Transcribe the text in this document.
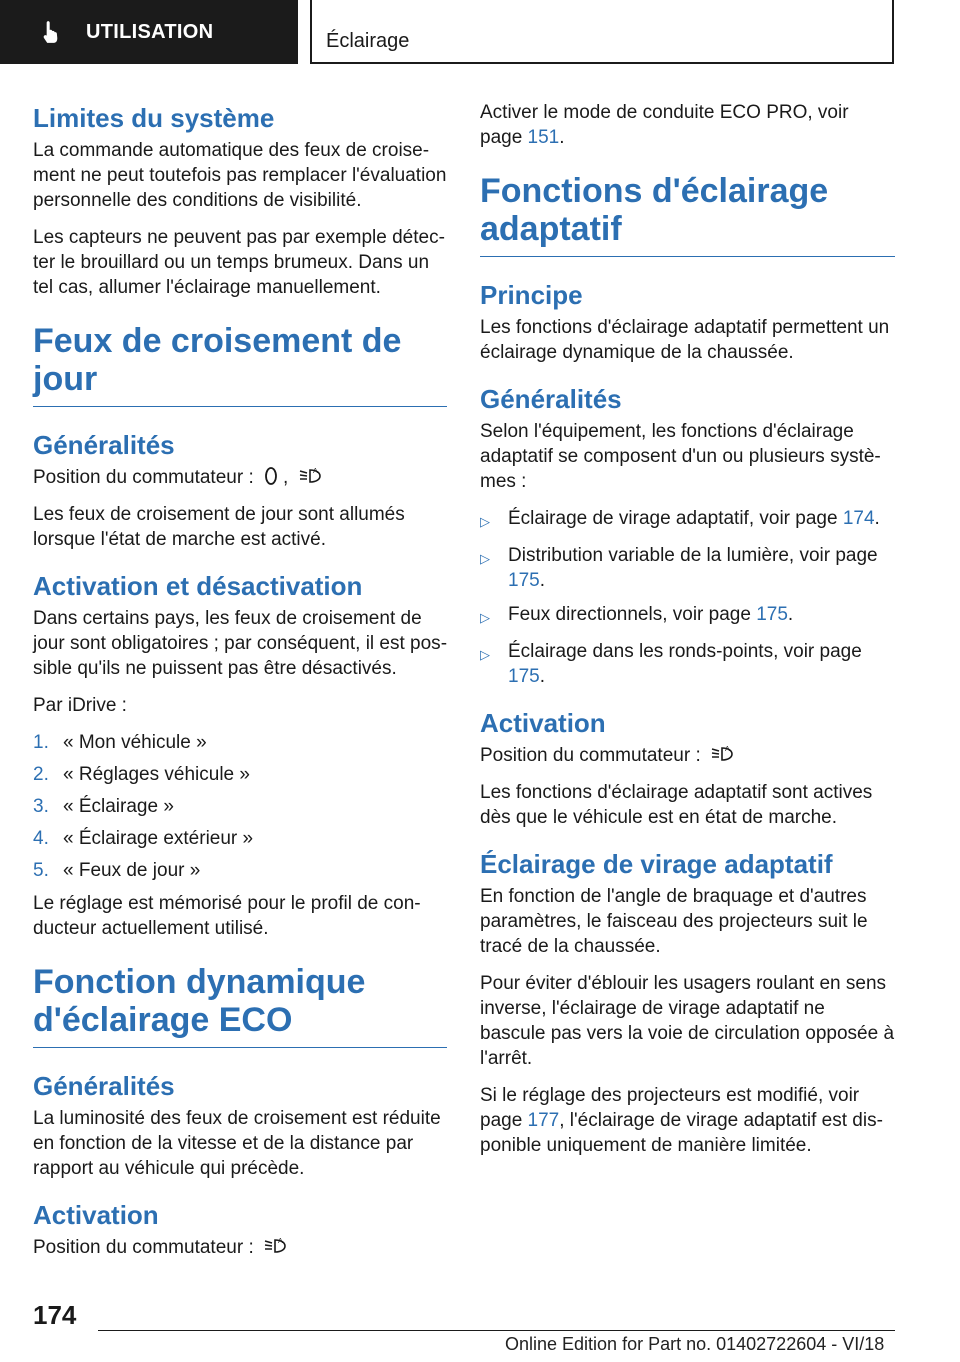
UTILISATION	Éclairage
Limites du système

La commande automatique des feux de croisement ne peut toutefois pas remplacer l'évaluation personnelle des conditions de visibilité.

Les capteurs ne peuvent pas par exemple détecter le brouillard ou un temps brumeux. Dans un tel cas, allumer l'éclairage manuellement.

Feux de croisement de jour
Généralités

Position du commutateur : ,	A

Les feux de croisement de jour sont allumés lorsque l'état de marche est activé.

Activation et désactivation

Dans certains pays, les feux de croisement de jour sont obligatoires ; par conséquent, il est possible qu'ils ne puissent pas être désactivés.

Par iDrive :

1. « Mon véhicule »
2. « Réglages véhicule »
3. « Éclairage »
4. « Éclairage extérieur »
5. « Feux de jour »

Le réglage est mémorisé pour le profil de conducteur actuellement utilisé.

Fonction dynamique d'éclairage ECO
Généralités

La luminosité des feux de croisement est réduite en fonction de la vitesse et de la distance par rapport au véhicule qui précède.

Activation

Position du commutateur :	A

Activer le mode de conduite ECO PRO, voir page 151.

Fonctions d'éclairage adaptatif
Principe

Les fonctions d'éclairage adaptatif permettent un éclairage dynamique de la chaussée.

Généralités

Selon l'équipement, les fonctions d'éclairage adaptatif se composent d'un ou plusieurs systèmes :

▷ Éclairage de virage adaptatif, voir page 174.
▷ Distribution variable de la lumière, voir page 175.
▷ Feux directionnels, voir page 175.
▷ Éclairage dans les ronds-points, voir page 175.
Activation

Position du commutateur :	A

Les fonctions d'éclairage adaptatif sont actives dès que le véhicule est en état de marche.

Éclairage de virage adaptatif

En fonction de l'angle de braquage et d'autres paramètres, le faisceau des projecteurs suit le tracé de la chaussée.

Pour éviter d'éblouir les usagers roulant en sens inverse, l'éclairage de virage adaptatif ne bascule pas vers la voie de circulation opposée à l'arrêt.

Si le réglage des projecteurs est modifié, voir page 177, l'éclairage de virage adaptatif est disponible uniquement de manière limitée.

174
Online Edition for Part no. 01402722604 - VI/18
